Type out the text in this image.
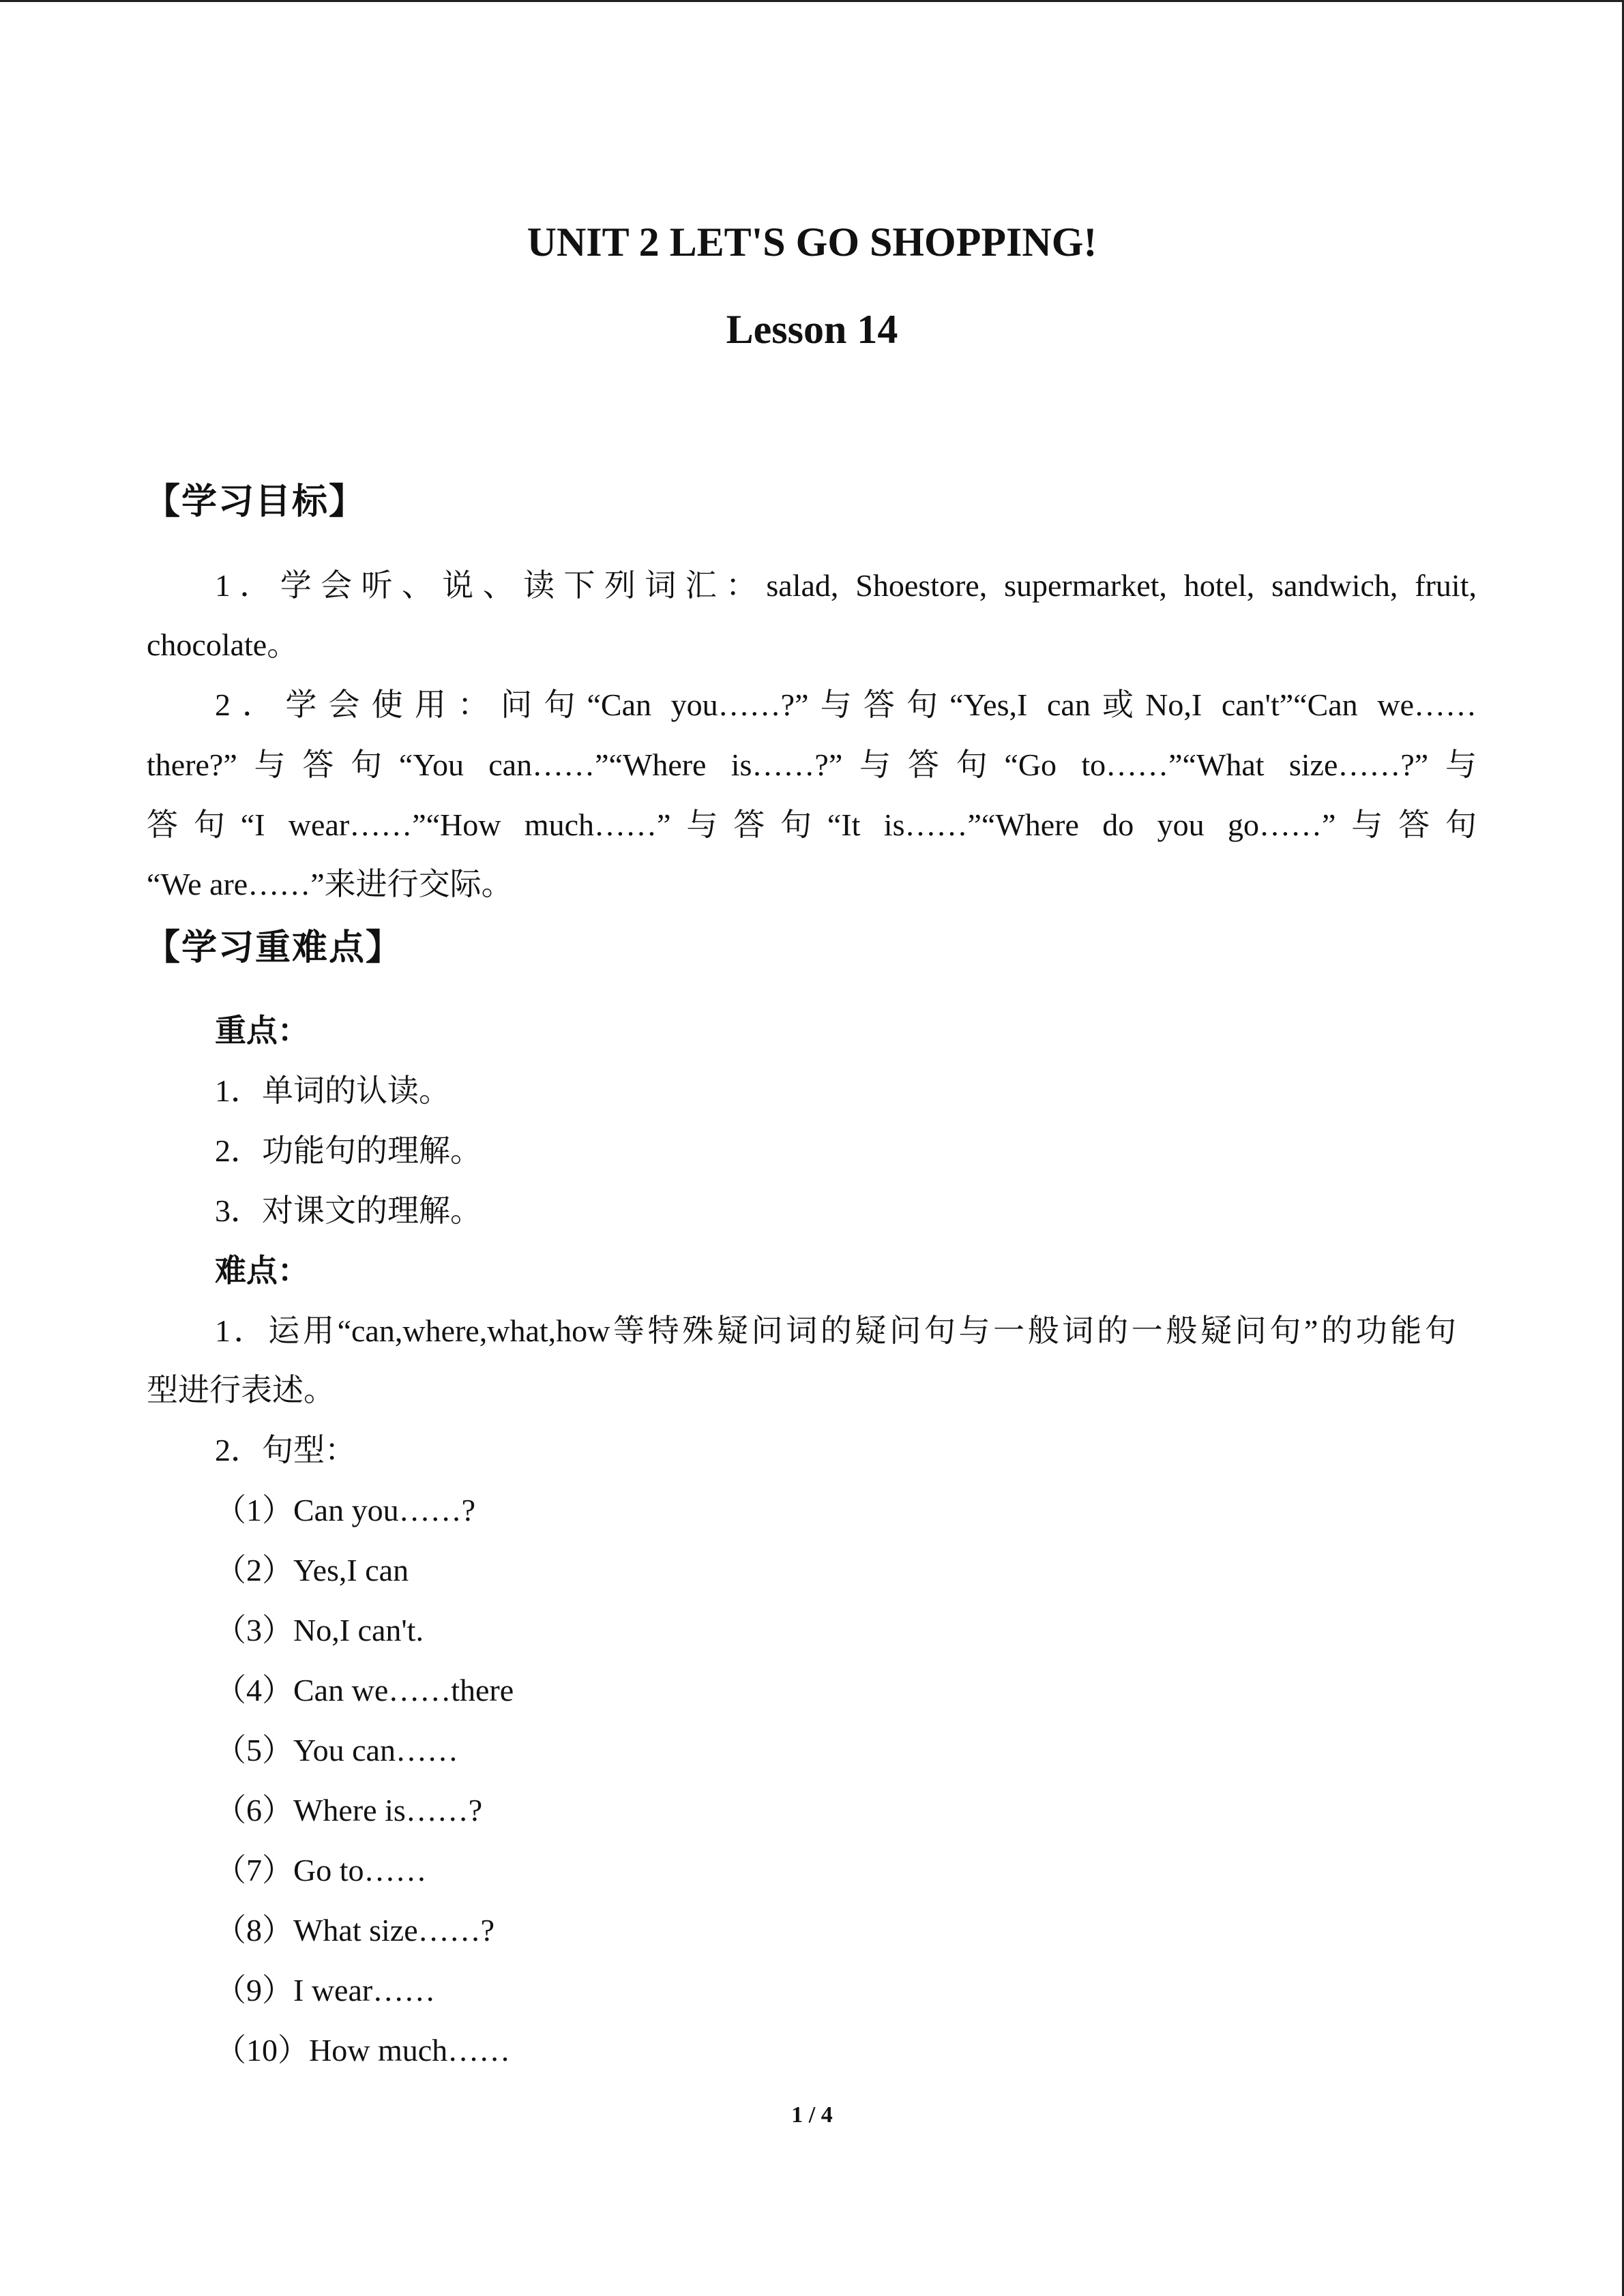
UNIT 2 LET'S GO SHOPPING!
Lesson 14
【学习目标】
1．学会听、说、读下列词汇：salad, Shoestore, supermarket, hotel, sandwich, fruit,
chocolate。
2．学会使用：问句“Can you……?”与答句“Yes,I can或No,I can't”“Can we……
there?”与答句“You can……”“Where is……?”与答句“Go to……”“What size……?”与
答句“I wear……”“How much……”与答句“It is……”“Where do you go……”与答句
“We are……”来进行交际。
【学习重难点】
重点：
1．单词的认读。
2．功能句的理解。
3．对课文的理解。
难点：
1．运用“can,where,what,how等特殊疑问词的疑问句与一般词的一般疑问句”的功能句
型进行表述。
2．句型：
（1）Can you……?
（2）Yes,I can
（3）No,I can't.
（4）Can we……there
（5）You can……
（6）Where is……?
（7）Go to……
（8）What size……?
（9）I wear……
（10）How much……
1 / 4
